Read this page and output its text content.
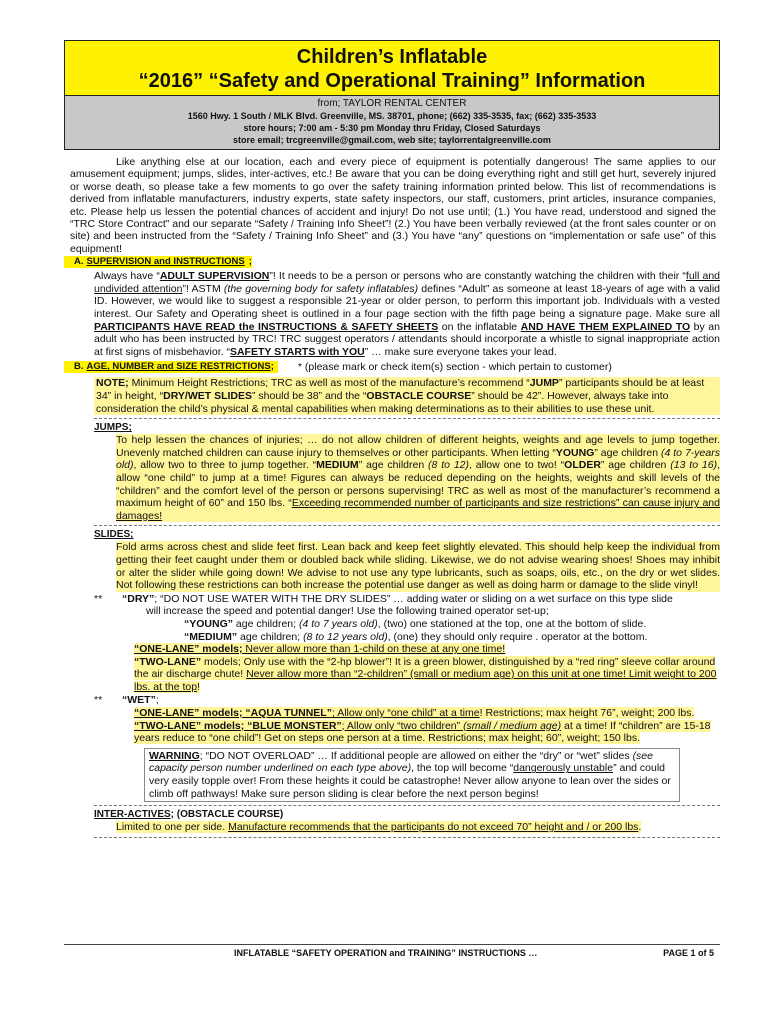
Children’s Inflatable
“2016” “Safety and Operational Training” Information
from; TAYLOR RENTAL CENTER
1560 Hwy. 1 South / MLK Blvd. Greenville, MS. 38701, phone; (662) 335-3535, fax; (662) 335-3533
store hours; 7:00 am - 5:30 pm Monday thru Friday, Closed Saturdays
store email; trcgreenville@gmail.com, web site; taylorrentalgreenville.com
Like anything else at our location, each and every piece of equipment is potentially dangerous! The same applies to our amusement equipment; jumps, slides, inter-actives, etc.! Be aware that you can be doing everything right and still get hurt, severely injured or worse death, so please take a few moments to go over the safety training information printed below. This list of recommendations is derived from inflatable manufacturers, industry experts, state safety inspectors, our staff, customers, print articles, insurance companies, etc. Please help us lessen the potential chances of accident and injury! Do not use until; (1.) You have read, understood and signed the “TRC Store Contract” and our separate “Safety / Training Info Sheet”! (2.) You have been verbally reviewed (at the front sales counter or on site) and been instructed from the “Safety / Training Info Sheet” and (3.) You have “any” questions on “implementation or safe use” of this equipment!
A. SUPERVISION and INSTRUCTIONS ;
Always have “ADULT SUPERVISION”! It needs to be a person or persons who are constantly watching the children with their “full and undivided attention”! ASTM (the governing body for safety inflatables) defines “Adult” as someone at least 18-years of age with a valid ID. However, we would like to suggest a responsible 21-year or older person, to perform this important job. Individuals with a vested interest. Our Safety and Operating sheet is outlined in a four page section with the fifth page being a signature page. Make sure all PARTICIPANTS HAVE READ the INSTRUCTIONS & SAFETY SHEETS on the inflatable AND HAVE THEM EXPLAINED TO by an adult who has been instructed by TRC! TRC suggest operators / attendants should incorporate a whistle to signal inappropriate action at first signs of misbehavior. “SAFETY STARTS with YOU” … make sure everyone takes your lead.
B. AGE, NUMBER and SIZE RESTRICTIONS ;	* (please mark or check item(s) section - which pertain to customer)
NOTE; Minimum Height Restrictions; TRC as well as most of the manufacture’s recommend “JUMP” participants should be at least 34” in height, “DRY/WET SLIDES” should be 38” and the “OBSTACLE COURSE” should be 42”. However, always take into consideration the child’s physical & mental capabilities when making determinations as to their abilities to use these unit.
JUMPS;
To help lessen the chances of injuries; … do not allow children of different heights, weights and age levels to jump together. Unevenly matched children can cause injury to themselves or other participants. When letting “YOUNG” age children (4 to 7-years old), allow two to three to jump together. “MEDIUM” age children (8 to 12), allow one to two! “OLDER” age children (13 to 16), allow “one child” to jump at a time! Figures can always be reduced depending on the heights, weights and skill levels of the “children” and the comfort level of the person or persons supervising! TRC as well as most of the manufacturer’s recommend a maximum height of 60” and 150 lbs. “Exceeding recommended number of participants and size restrictions” can cause injury and damages!
SLIDES;
Fold arms across chest and slide feet first. Lean back and keep feet slightly elevated. This should help keep the individual from getting their feet caught under them or doubled back while sliding. Likewise, we do not advise wearing shoes! Shoes may inhibit or alter the slider while going down! We advise to not use any type lubricants, such as soaps, oils, etc., on the dry or wet slides. Not following these restrictions can both increase the potential use danger as well as doing harm or damage to the slide vinyl!
** “DRY”; “DO NOT USE WATER WITH THE DRY SLIDES” … adding water or sliding on a wet surface on this type slide
will increase the speed and potential danger! Use the following trained operator set-up;
“YOUNG” age children; (4 to 7 years old), (two) one stationed at the top, one at the bottom of slide.
“MEDIUM” age children; (8 to 12 years old), (one) they should only require . operator at the bottom.
“ONE-LANE” models; Never allow more than 1-child on these at any one time!
“TWO-LANE” models; Only use with the “2-hp blower”! It is a green blower, distinguished by a “red ring” sleeve collar around the air discharge chute! Never allow more than “2-children” (small or medium age) on this unit at one time! Limit weight to 200 lbs. at the top!
** “WET”;
“ONE-LANE” models; “AQUA TUNNEL”; Allow only “one child” at a time! Restrictions; max height 76”, weight; 200 lbs.
“TWO-LANE” models; “BLUE MONSTER”; Allow only “two children” (small / medium age) at a time! If “children” are 15-18 years reduce to “one child”! Get on steps one person at a time. Restrictions; max height; 60”, weight; 150 lbs.
WARNING; “DO NOT OVERLOAD” … If additional people are allowed on either the “dry” or “wet” slides (see capacity person number underlined on each type above), the top will become “dangerously unstable” and could very easily topple over! From these heights it could be catastrophe! Never allow anyone to lean over the sides or climb off pathways! Make sure person sliding is clear before the next person begins!
INTER-ACTIVES; (OBSTACLE COURSE)
Limited to one per side. Manufacture recommends that the participants do not exceed 70” height and / or 200 lbs.
INFLATABLE “SAFETY OPERATION and TRAINING” INSTRUCTIONS …	PAGE 1 of 5
